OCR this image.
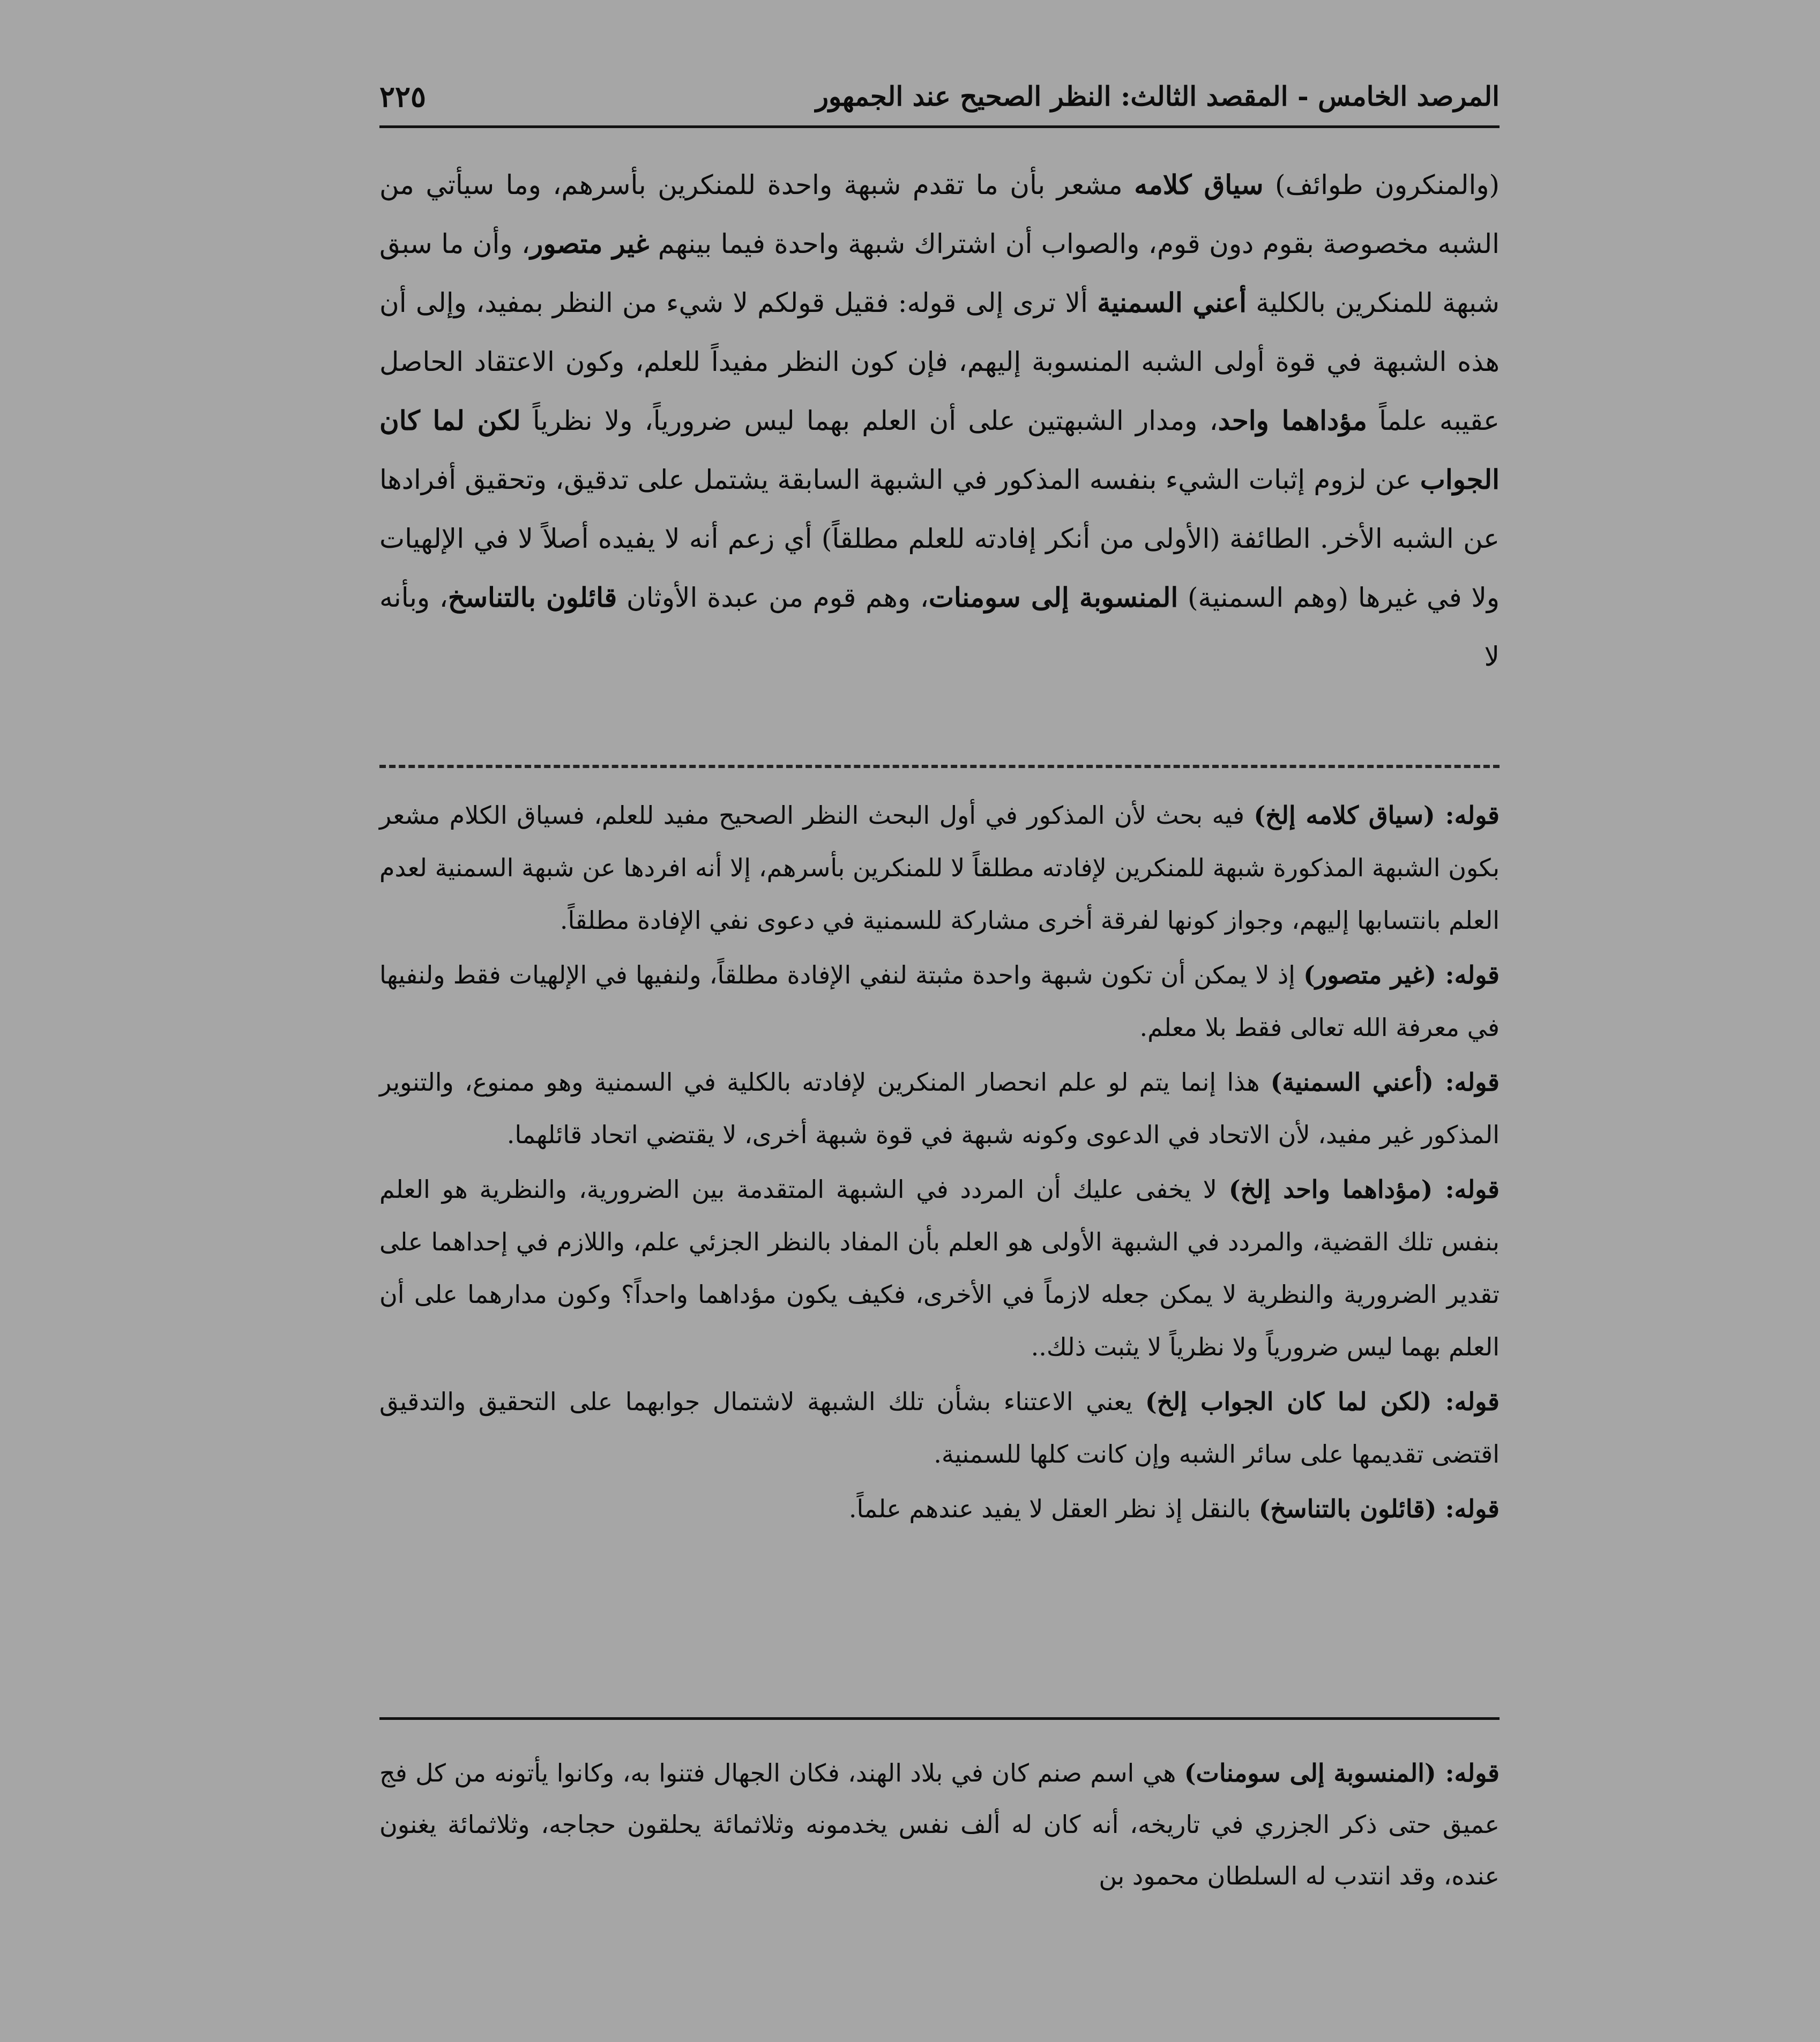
المرصد الخامس - المقصد الثالث: النظر الصحيح عند الجمهور
٢٢٥

(والمنكرون طوائف) سياق كلامه مشعر بأن ما تقدم شبهة واحدة للمنكرين بأسرهم، وما سيأتي من الشبه مخصوصة بقوم دون قوم، والصواب أن اشتراك شبهة واحدة فيما بينهم غير متصور، وأن ما سبق شبهة للمنكرين بالكلية أعني السمنية ألا ترى إلى قوله: فقيل قولكم لا شيء من النظر بمفيد، وإلى أن هذه الشبهة في قوة أولى الشبه المنسوبة إليهم، فإن كون النظر مفيداً للعلم، وكون الاعتقاد الحاصل عقيبه علماً مؤداهما واحد، ومدار الشبهتين على أن العلم بهما ليس ضرورياً، ولا نظرياً لكن لما كان الجواب عن لزوم إثبات الشيء بنفسه المذكور في الشبهة السابقة يشتمل على تدقيق، وتحقيق أفرادها عن الشبه الأخر. الطائفة (الأولى من أنكر إفادته للعلم مطلقاً) أي زعم أنه لا يفيده أصلاً لا في الإلهيات ولا في غيرها (وهم السمنية) المنسوبة إلى سومنات، وهم قوم من عبدة الأوثان قائلون بالتناسخ، وبأنه لا

قوله: (سياق كلامه إلخ) فيه بحث لأن المذكور في أول البحث النظر الصحيح مفيد للعلم، فسياق الكلام مشعر بكون الشبهة المذكورة شبهة للمنكرين لإفادته مطلقاً لا للمنكرين بأسرهم، إلا أنه افردها عن شبهة السمنية لعدم العلم بانتسابها إليهم، وجواز كونها لفرقة أخرى مشاركة للسمنية في دعوى نفي الإفادة مطلقاً.

قوله: (غير متصور) إذ لا يمكن أن تكون شبهة واحدة مثبتة لنفي الإفادة مطلقاً، ولنفيها في الإلهيات فقط ولنفيها في معرفة الله تعالى فقط بلا معلم.

قوله: (أعني السمنية) هذا إنما يتم لو علم انحصار المنكرين لإفادته بالكلية في السمنية وهو ممنوع، والتنوير المذكور غير مفيد، لأن الاتحاد في الدعوى وكونه شبهة في قوة شبهة أخرى، لا يقتضي اتحاد قائلهما.

قوله: (مؤداهما واحد إلخ) لا يخفى عليك أن المردد في الشبهة المتقدمة بين الضرورية، والنظرية هو العلم بنفس تلك القضية، والمردد في الشبهة الأولى هو العلم بأن المفاد بالنظر الجزئي علم، واللازم في إحداهما على تقدير الضرورية والنظرية لا يمكن جعله لازماً في الأخرى، فكيف يكون مؤداهما واحداً؟ وكون مدارهما على أن العلم بهما ليس ضرورياً ولا نظرياً لا يثبت ذلك..

قوله: (لكن لما كان الجواب إلخ) يعني الاعتناء بشأن تلك الشبهة لاشتمال جوابهما على التحقيق والتدقيق اقتضى تقديمها على سائر الشبه وإن كانت كلها للسمنية.

قوله: (قائلون بالتناسخ) بالنقل إذ نظر العقل لا يفيد عندهم علماً.

قوله: (المنسوبة إلى سومنات) هي اسم صنم كان في بلاد الهند، فكان الجهال فتنوا به، وكانوا يأتونه من كل فج عميق حتى ذكر الجزري في تاريخه، أنه كان له ألف نفس يخدمونه وثلاثمائة يحلقون حجاجه، وثلاثمائة يغنون عنده، وقد انتدب له السلطان محمود بن
